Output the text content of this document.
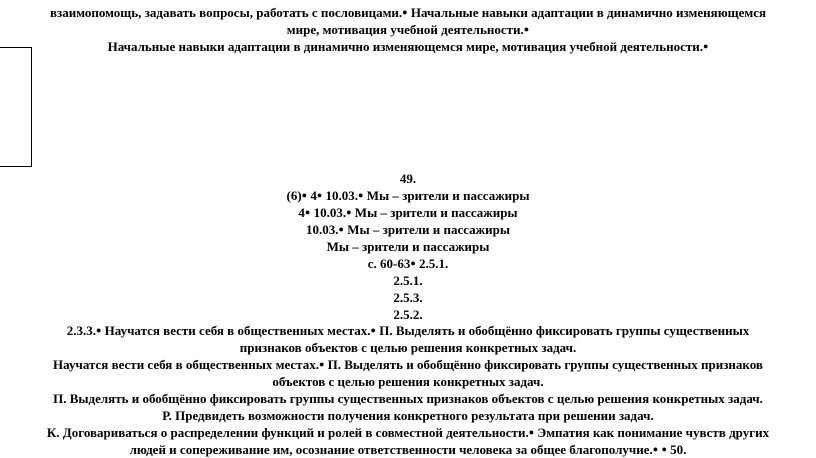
взаимопомощь, задавать вопросы, работать с пословицами.● Начальные навыки адаптации в динамично изменяющемся
мире, мотивация учебной деятельности.●
Начальные навыки адаптации в динамично изменяющемся мире, мотивация учебной деятельности.●
49.
(6)● 4● 10.03.● Мы – зрители и пассажиры
4● 10.03.● Мы – зрители и пассажиры
10.03.● Мы – зрители и пассажиры
Мы – зрители и пассажиры
с. 60-63● 2.5.1.
2.5.1.
2.5.3.
2.5.2.
2.3.3.● Научатся вести себя в общественных местах.● П. Выделять и обобщённо фиксировать группы существенных
признаков объектов с целью решения конкретных задач.
Научатся вести себя в общественных местах.● П. Выделять и обобщённо фиксировать группы существенных признаков
объектов с целью решения конкретных задач.
П. Выделять и обобщённо фиксировать группы существенных признаков объектов с целью решения конкретных задач.
Р. Предвидеть возможности получения конкретного результата при решении задач.
К. Договариваться о распределении функций и ролей в совместной деятельности.● Эмпатия как понимание чувств других
людей и сопереживание им, осознание ответственности человека за общее благополучие.● ● 50.
